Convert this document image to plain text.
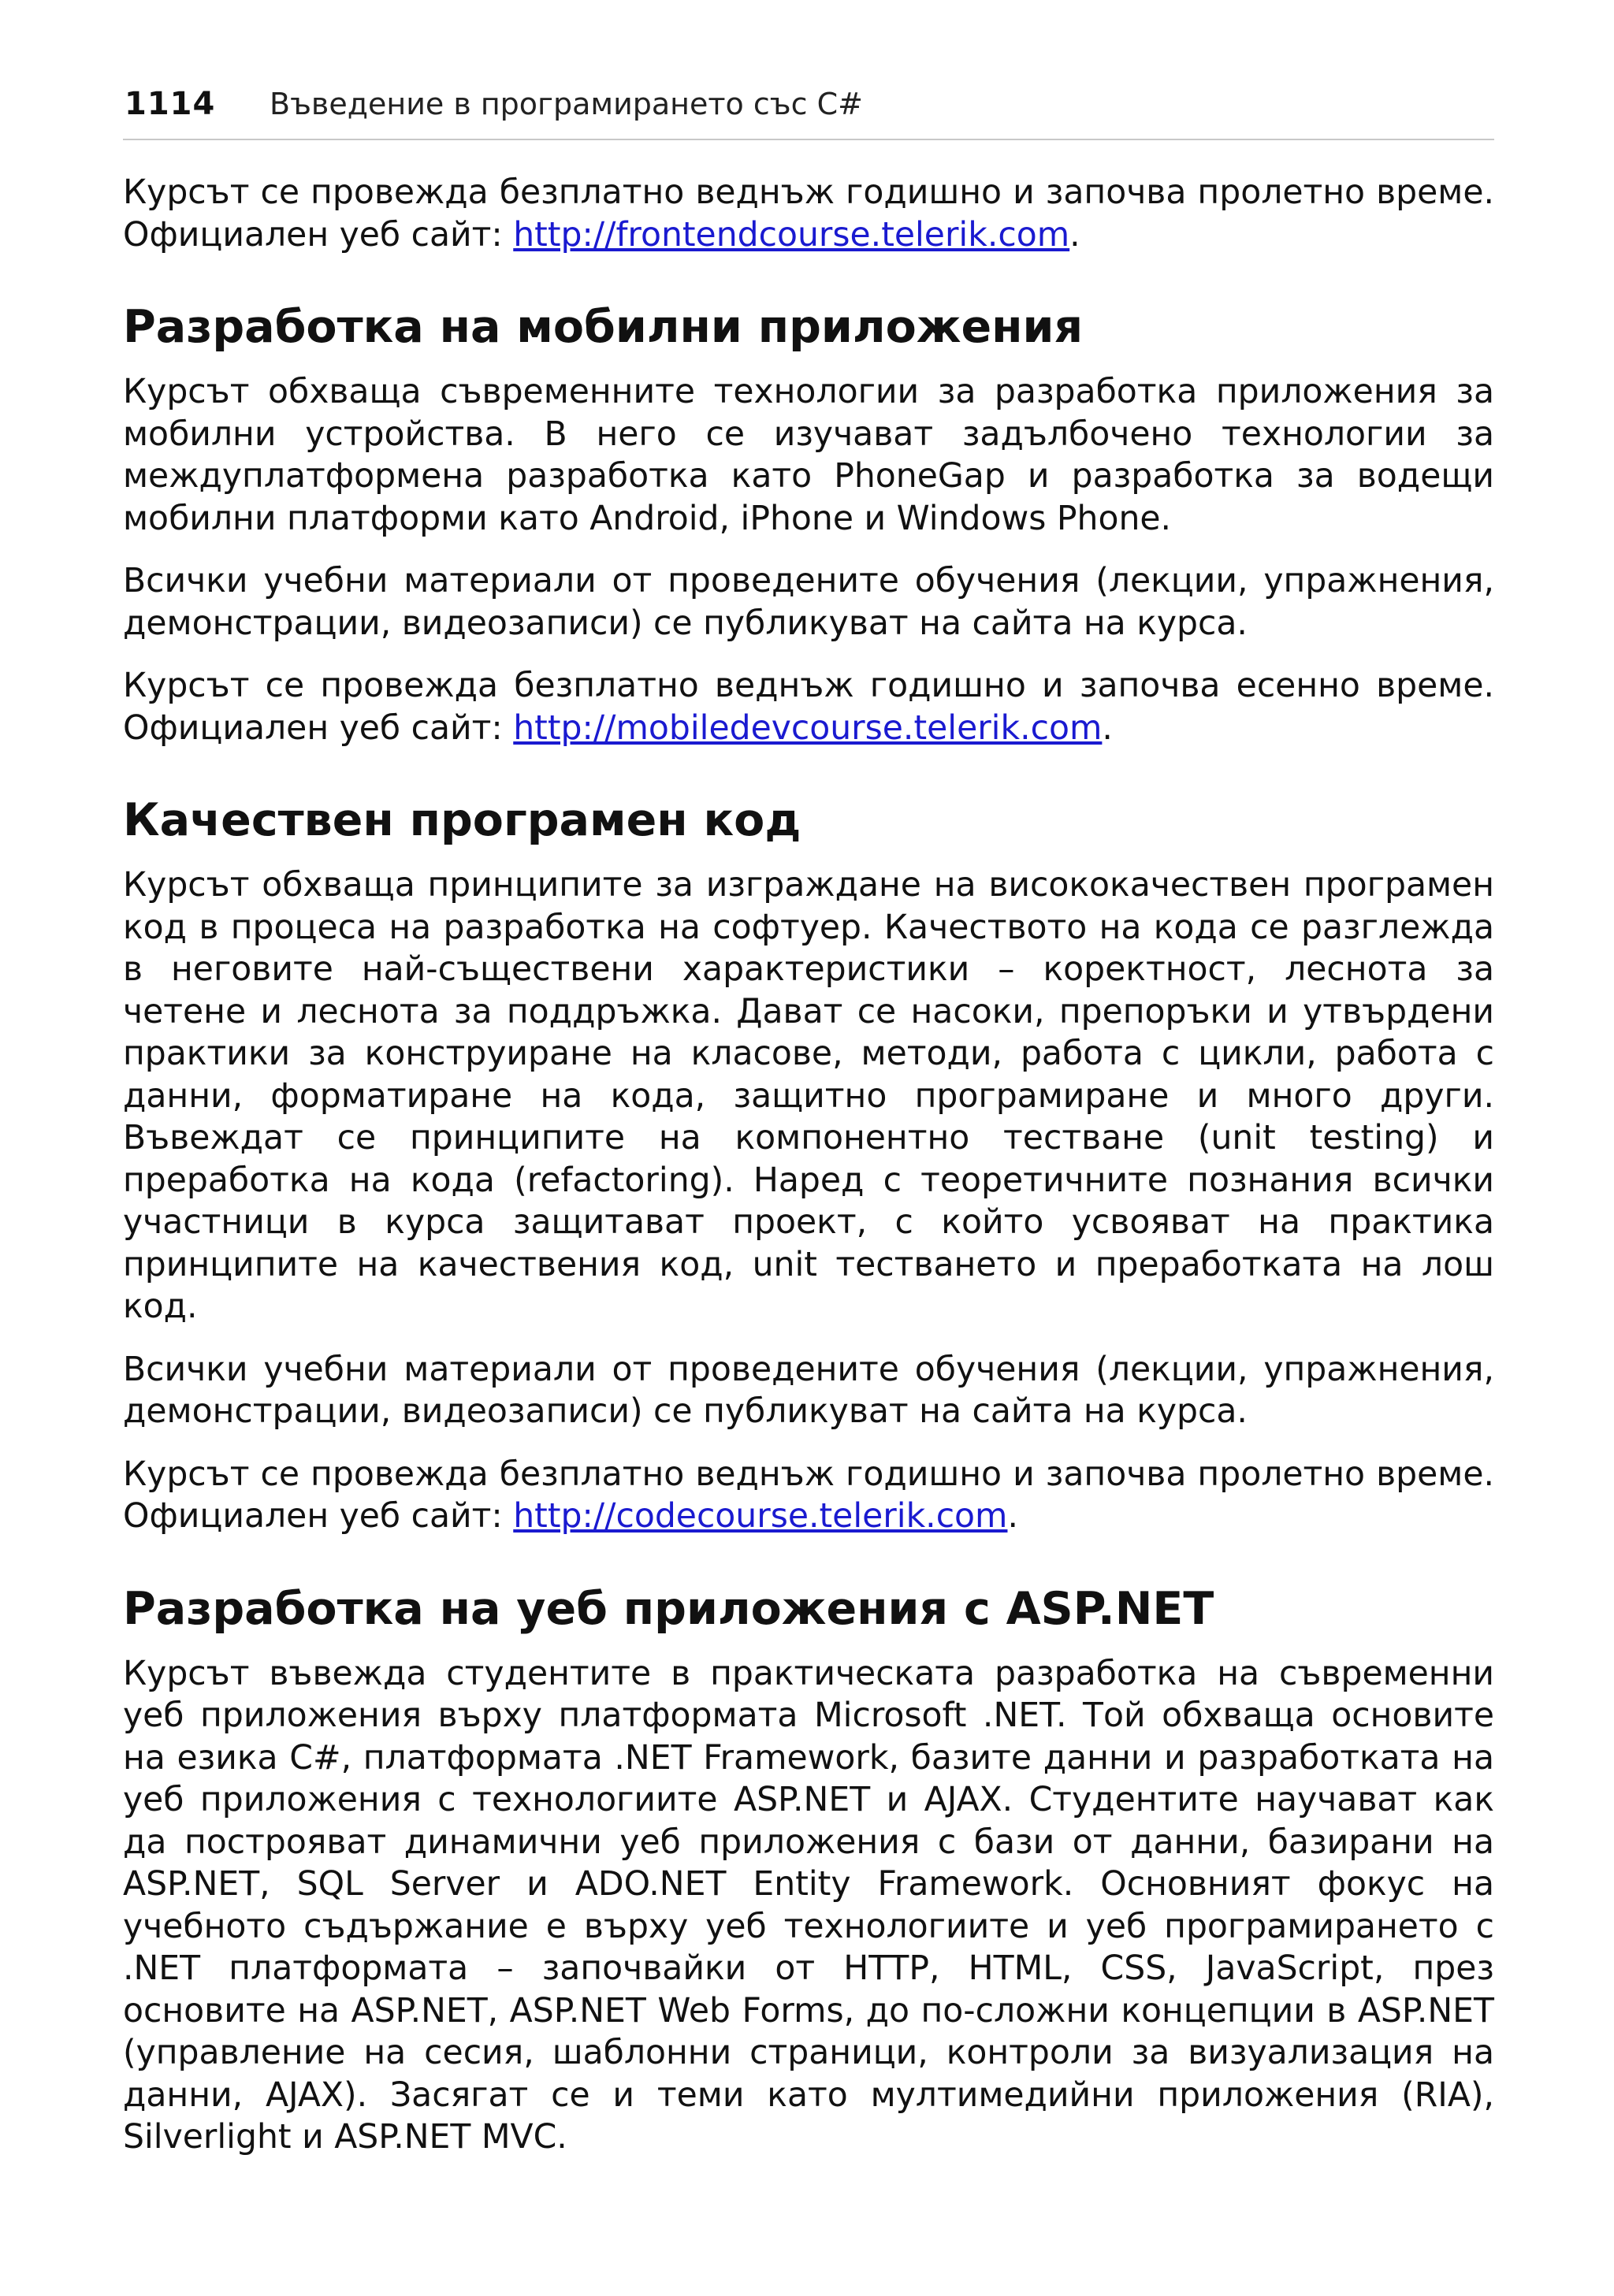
1114 Въведение в програмирането със C#

Курсът се провежда безплатно веднъж годишно и започва пролетно време. Официален уеб сайт: http://frontendcourse.telerik.com.

Разработка на мобилни приложения

Курсът обхваща съвременните технологии за разработка приложения за мобилни устройства. В него се изучават задълбочено технологии за междуплатформена разработка като PhoneGap и разработка за водещи мобилни платформи като Android, iPhone и Windows Phone.

Всички учебни материали от проведените обучения (лекции, упражнения, демонстрации, видеозаписи) се публикуват на сайта на курса.

Курсът се провежда безплатно веднъж годишно и започва есенно време. Официален уеб сайт: http://mobiledevcourse.telerik.com.

Качествен програмен код

Курсът обхваща принципите за изграждане на висококачествен програмен код в процеса на разработка на софтуер. Качеството на кода се разглежда в неговите най-съществени характеристики – коректност, леснота за четене и леснота за поддръжка. Дават се насоки, препоръки и утвърдени практики за конструиране на класове, методи, работа с цикли, работа с данни, форматиране на кода, защитно програмиране и много други. Въвеждат се принципите на компонентно тестване (unit testing) и преработка на кода (refactoring). Наред с теоретичните познания всички участници в курса защитават проект, с който усвояват на практика принципите на качествения код, unit тестването и преработката на лош код.

Всички учебни материали от проведените обучения (лекции, упражнения, демонстрации, видеозаписи) се публикуват на сайта на курса.

Курсът се провежда безплатно веднъж годишно и започва пролетно време. Официален уеб сайт: http://codecourse.telerik.com.

Разработка на уеб приложения с ASP.NET

Курсът въвежда студентите в практическата разработка на съвременни уеб приложения върху платформата Microsoft .NET. Той обхваща основите на езика C#, платформата .NET Framework, базите данни и разработката на уеб приложения с технологиите ASP.NET и AJAX. Студентите научават как да построяват динамични уеб приложения с бази от данни, базирани на ASP.NET, SQL Server и ADO.NET Entity Framework. Основният фокус на учебното съдържание е върху уеб технологиите и уеб програмирането с .NET платформата – започвайки от HTTP, HTML, CSS, JavaScript, през основите на ASP.NET, ASP.NET Web Forms, до по-сложни концепции в ASP.NET (управление на сесия, шаблонни страници, контроли за визуализация на данни, AJAX). Засягат се и теми като мултимедийни приложения (RIA), Silverlight и ASP.NET MVC.
